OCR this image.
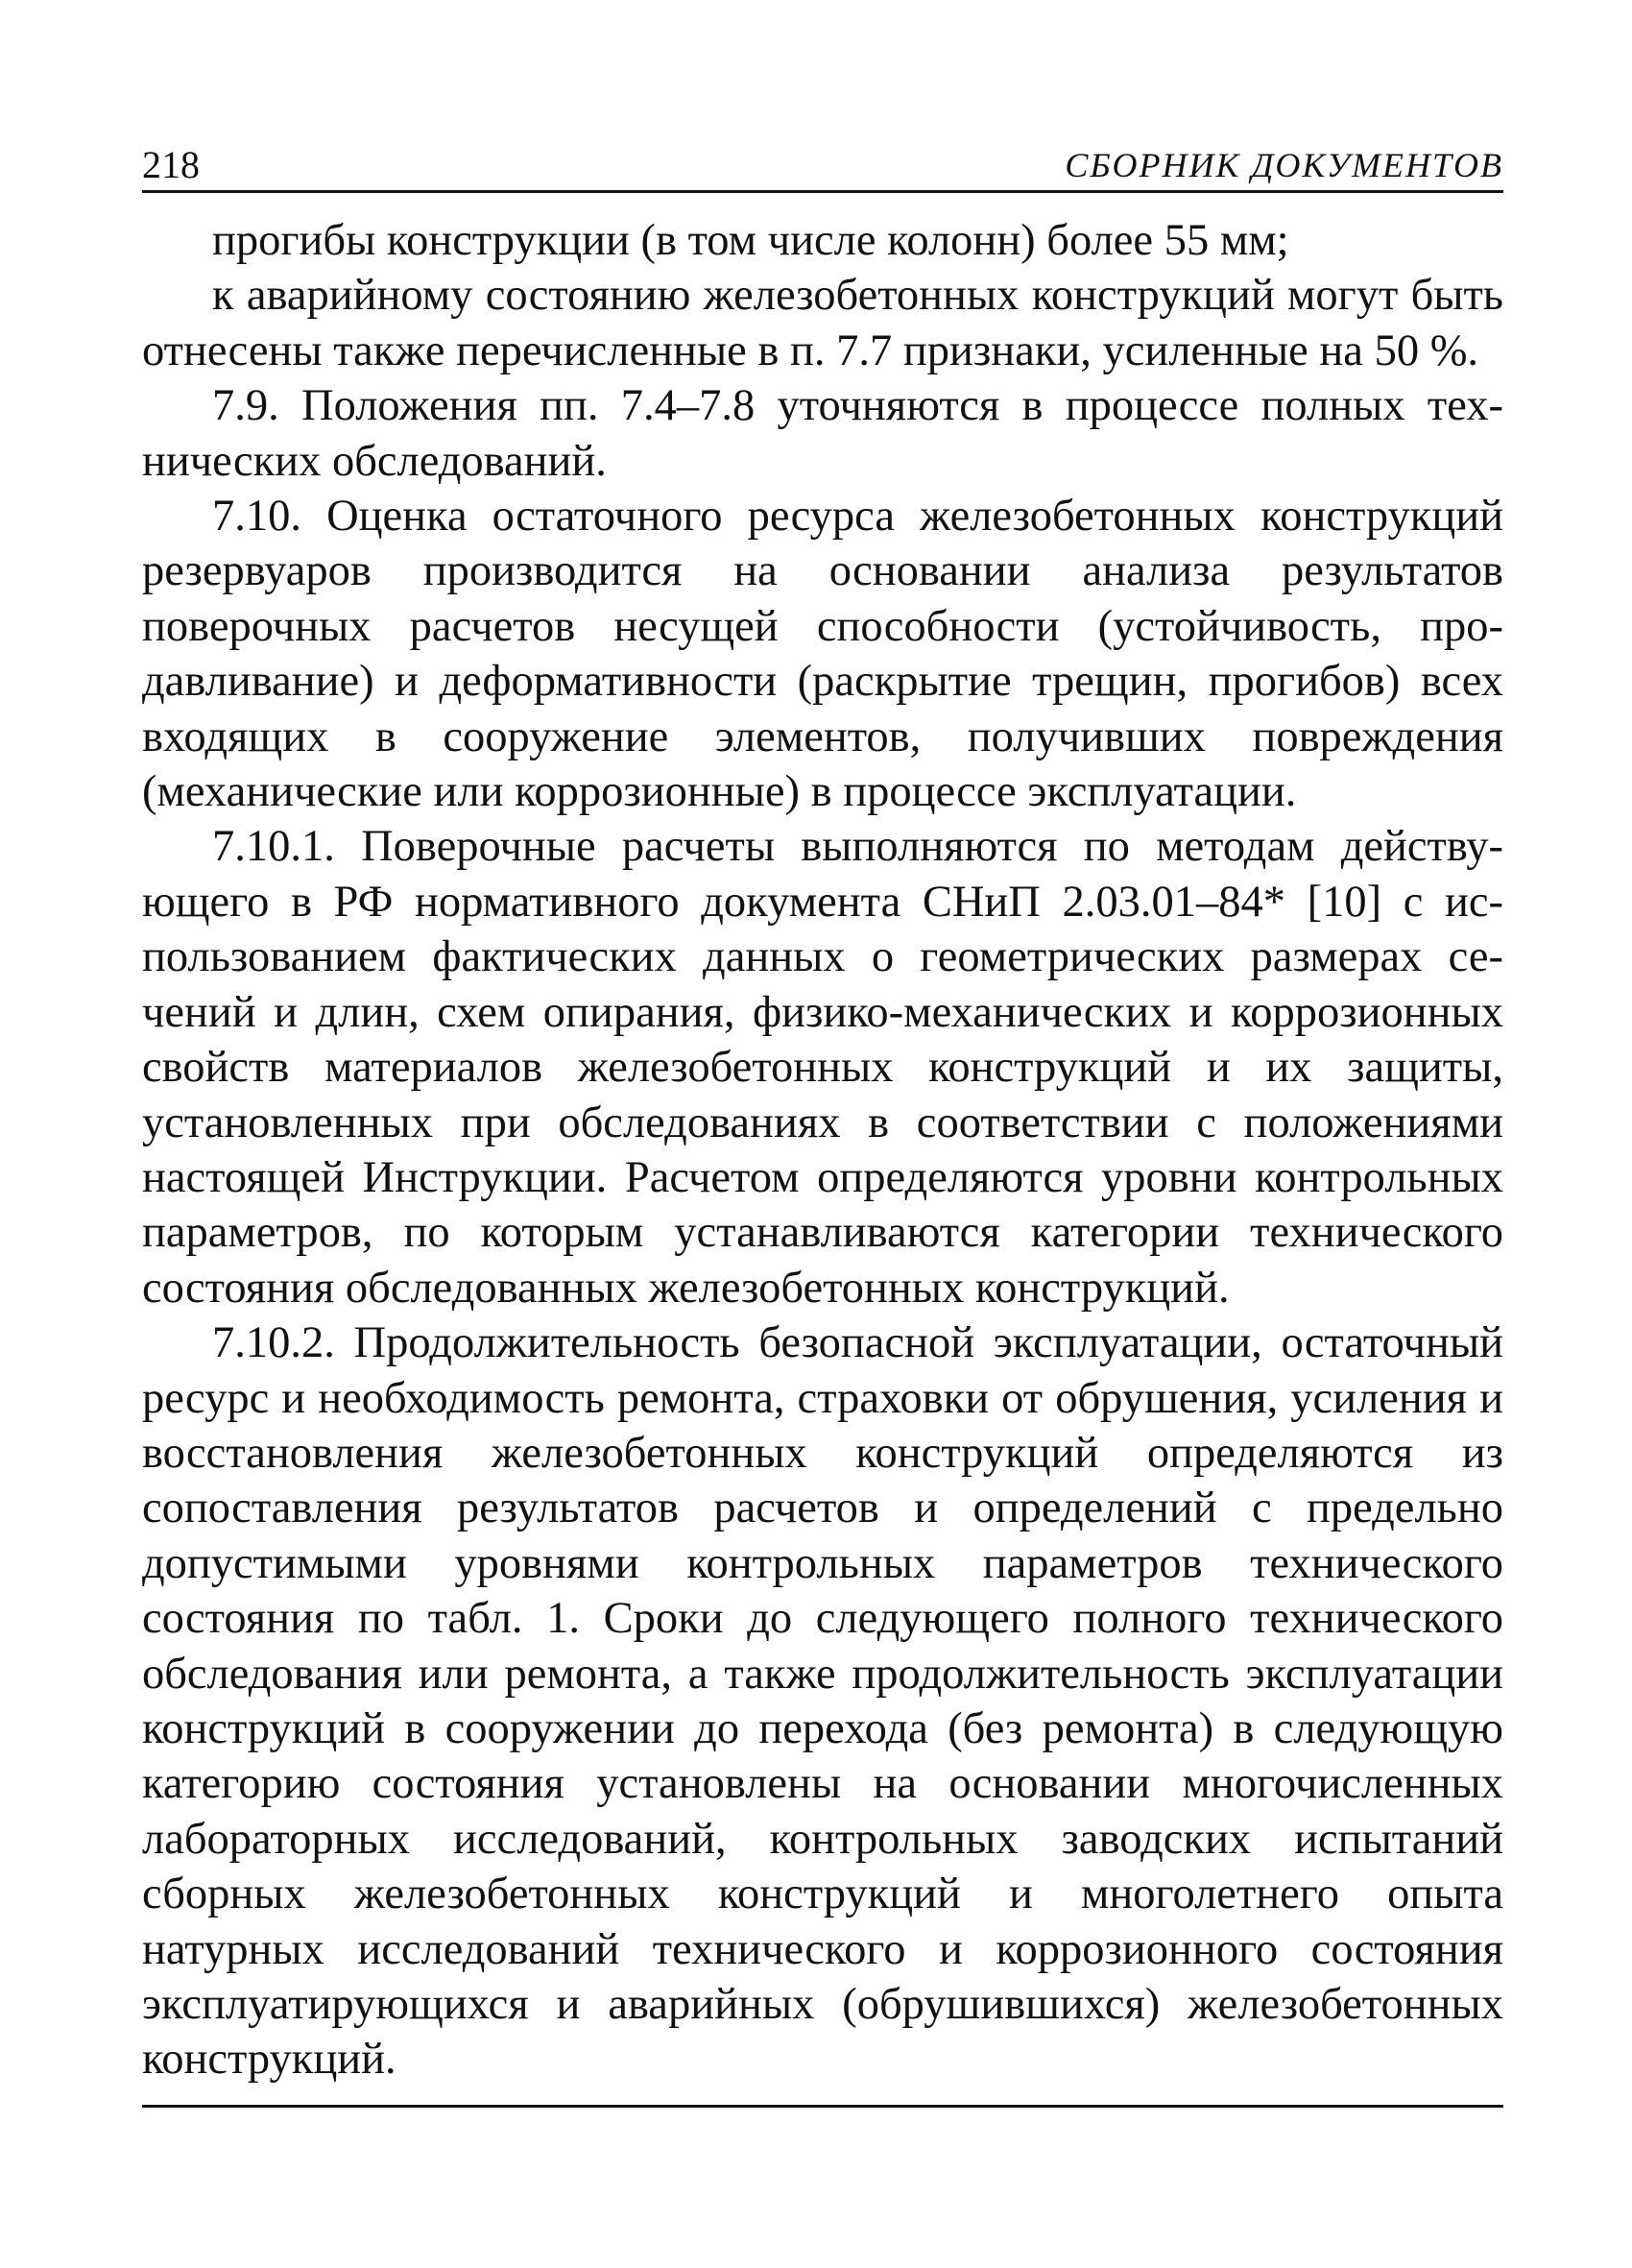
218	СБОРНИК ДОКУМЕНТОВ

прогибы конструкции (в том числе колонн) более 55 мм;

к аварийному состоянию железобетонных конструкций могут быть отнесены также перечисленные в п. 7.7 признаки, усиленные на 50 %.

7.9. Положения пп. 7.4–7.8 уточняются в процессе полных технических обследований.

7.10. Оценка остаточного ресурса железобетонных конструкций резервуаров производится на основании анализа результатов поверочных расчетов несущей способности (устойчивость, продавливание) и деформативности (раскрытие трещин, прогибов) всех входящих в сооружение элементов, получивших повреждения (механические или коррозионные) в процессе эксплуатации.

7.10.1. Поверочные расчеты выполняются по методам действующего в РФ нормативного документа СНиП 2.03.01–84* [10] с использованием фактических данных о геометрических размерах сечений и длин, схем опирания, физико-механических и коррозионных свойств материалов железобетонных конструкций и их защиты, установленных при обследованиях в соответствии с положениями настоящей Инструкции. Расчетом определяются уровни контрольных параметров, по которым устанавливаются категории технического состояния обследованных железобетонных конструкций.

7.10.2. Продолжительность безопасной эксплуатации, остаточный ресурс и необходимость ремонта, страховки от обрушения, усиления и восстановления железобетонных конструкций определяются из сопоставления результатов расчетов и определений с предельно допустимыми уровнями контрольных параметров технического состояния по табл. 1. Сроки до следующего полного технического обследования или ремонта, а также продолжительность эксплуатации конструкций в сооружении до перехода (без ремонта) в следующую категорию состояния установлены на основании многочисленных лабораторных исследований, контрольных заводских испытаний сборных железобетонных конструкций и многолетнего опыта натурных исследований технического и коррозионного состояния эксплуатирующихся и аварийных (обрушившихся) железобетонных конструкций.
